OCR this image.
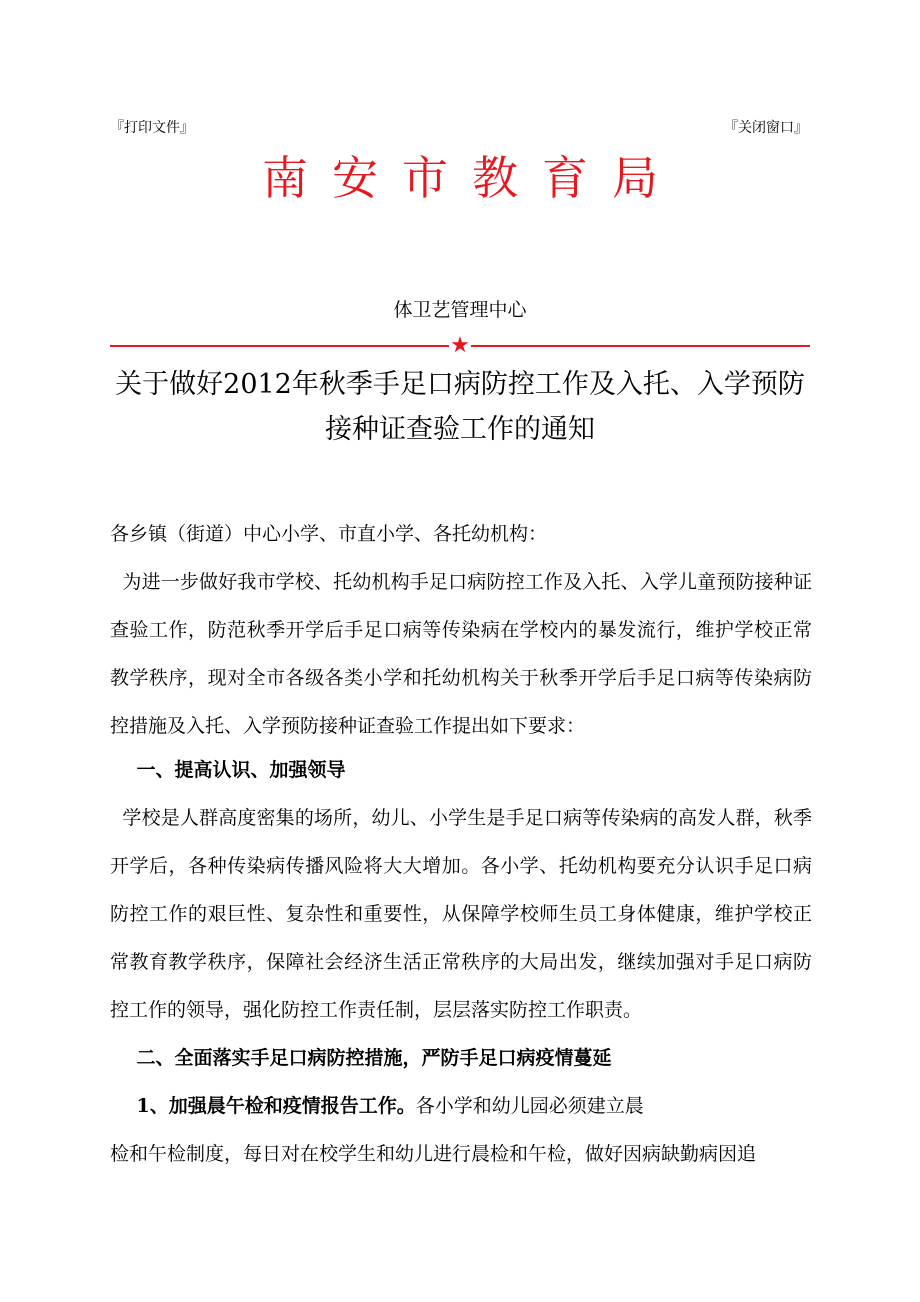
『打印文件』	『关闭窗口』
南安市教育局
体卫艺管理中心
★
关于做好2012年秋季手足口病防控工作及入托、入学预防接种证查验工作的通知
各乡镇（街道）中心小学、市直小学、各托幼机构：
为进一步做好我市学校、托幼机构手足口病防控工作及入托、入学儿童预防接种证查验工作，防范秋季开学后手足口病等传染病在学校内的暴发流行，维护学校正常教学秩序，现对全市各级各类小学和托幼机构关于秋季开学后手足口病等传染病防控措施及入托、入学预防接种证查验工作提出如下要求：
一、提高认识、加强领导
学校是人群高度密集的场所，幼儿、小学生是手足口病等传染病的高发人群，秋季开学后，各种传染病传播风险将大大增加。各小学、托幼机构要充分认识手足口病防控工作的艰巨性、复杂性和重要性，从保障学校师生员工身体健康，维护学校正常教育教学秩序，保障社会经济生活正常秩序的大局出发，继续加强对手足口病防控工作的领导，强化防控工作责任制，层层落实防控工作职责。
二、全面落实手足口病防控措施，严防手足口病疫情蔓延
1、加强晨午检和疫情报告工作。各小学和幼儿园必须建立晨
检和午检制度，每日对在校学生和幼儿进行晨检和午检，做好因病缺勤病因追
